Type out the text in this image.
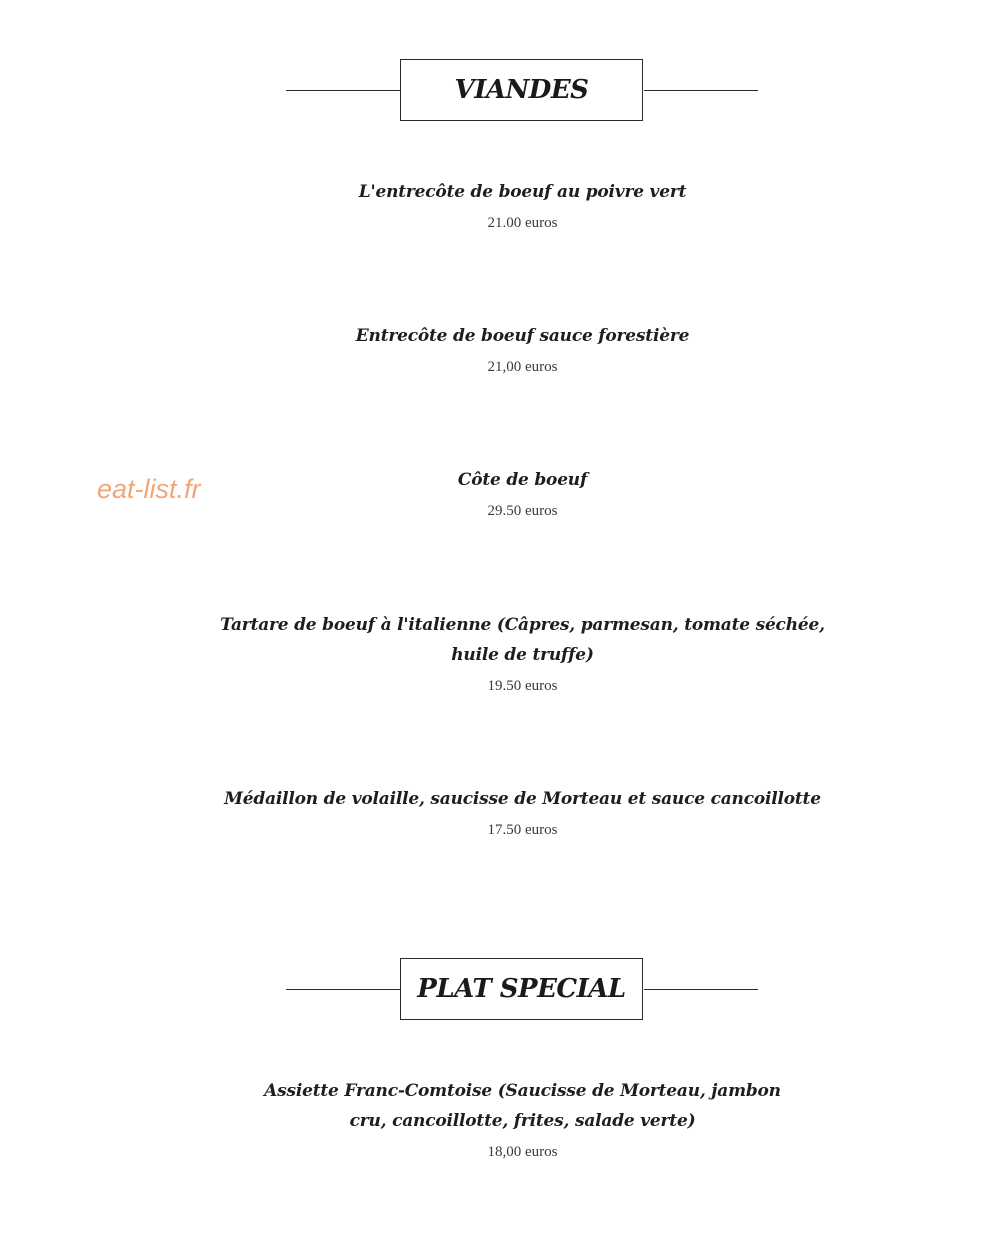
VIANDES
L'entrecôte de boeuf au poivre vert
21.00 euros
Entrecôte de boeuf sauce forestière
21,00 euros
Côte de boeuf
29.50 euros
Tartare de boeuf à l'italienne (Câpres, parmesan, tomate séchée, huile de truffe)
19.50 euros
Médaillon de volaille, saucisse de Morteau et sauce cancoillotte
17.50 euros
PLAT SPECIAL
Assiette Franc-Comtoise (Saucisse de Morteau, jambon cru, cancoillotte, frites, salade verte)
18,00 euros
eat-list.fr
